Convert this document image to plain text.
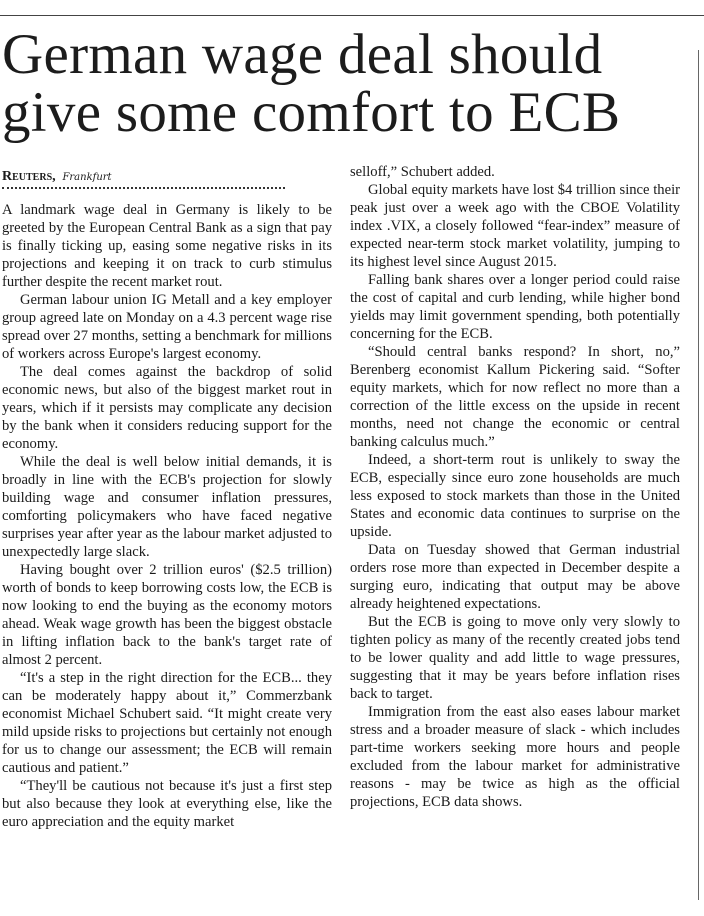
German wage deal should give some comfort to ECB
Reuters, Frankfurt

A landmark wage deal in Germany is likely to be greeted by the European Central Bank as a sign that pay is finally ticking up, easing some negative risks in its projections and keeping it on track to curb stimulus further despite the recent market rout.

German labour union IG Metall and a key employer group agreed late on Monday on a 4.3 percent wage rise spread over 27 months, setting a benchmark for millions of workers across Europe's largest economy.

The deal comes against the backdrop of solid economic news, but also of the biggest market rout in years, which if it persists may complicate any decision by the bank when it considers reducing support for the economy.

While the deal is well below initial demands, it is broadly in line with the ECB's projection for slowly building wage and consumer inflation pressures, comforting policymakers who have faced negative surprises year after year as the labour market adjusted to unexpectedly large slack.

Having bought over 2 trillion euros' ($2.5 trillion) worth of bonds to keep borrowing costs low, the ECB is now looking to end the buying as the economy motors ahead. Weak wage growth has been the biggest obstacle in lifting inflation back to the bank's target rate of almost 2 percent.

“It's a step in the right direction for the ECB... they can be moderately happy about it,” Commerzbank economist Michael Schubert said. “It might create very mild upside risks to projections but certainly not enough for us to change our assessment; the ECB will remain cautious and patient.”

“They'll be cautious not because it's just a first step but also because they look at everything else, like the euro appreciation and the equity market

selloff,” Schubert added.

Global equity markets have lost $4 trillion since their peak just over a week ago with the CBOE Volatility index .VIX, a closely followed “fear-index” measure of expected near-term stock market volatility, jumping to its highest level since August 2015.

Falling bank shares over a longer period could raise the cost of capital and curb lending, while higher bond yields may limit government spending, both potentially concerning for the ECB.

“Should central banks respond? In short, no,” Berenberg economist Kallum Pickering said. “Softer equity markets, which for now reflect no more than a correction of the little excess on the upside in recent months, need not change the economic or central banking calculus much.”

Indeed, a short-term rout is unlikely to sway the ECB, especially since euro zone households are much less exposed to stock markets than those in the United States and economic data continues to surprise on the upside.

Data on Tuesday showed that German industrial orders rose more than expected in December despite a surging euro, indicating that output may be above already heightened expectations.

But the ECB is going to move only very slowly to tighten policy as many of the recently created jobs tend to be lower quality and add little to wage pressures, suggesting that it may be years before inflation rises back to target.

Immigration from the east also eases labour market stress and a broader measure of slack - which includes part-time workers seeking more hours and people excluded from the labour market for administrative reasons - may be twice as high as the official projections, ECB data shows.
